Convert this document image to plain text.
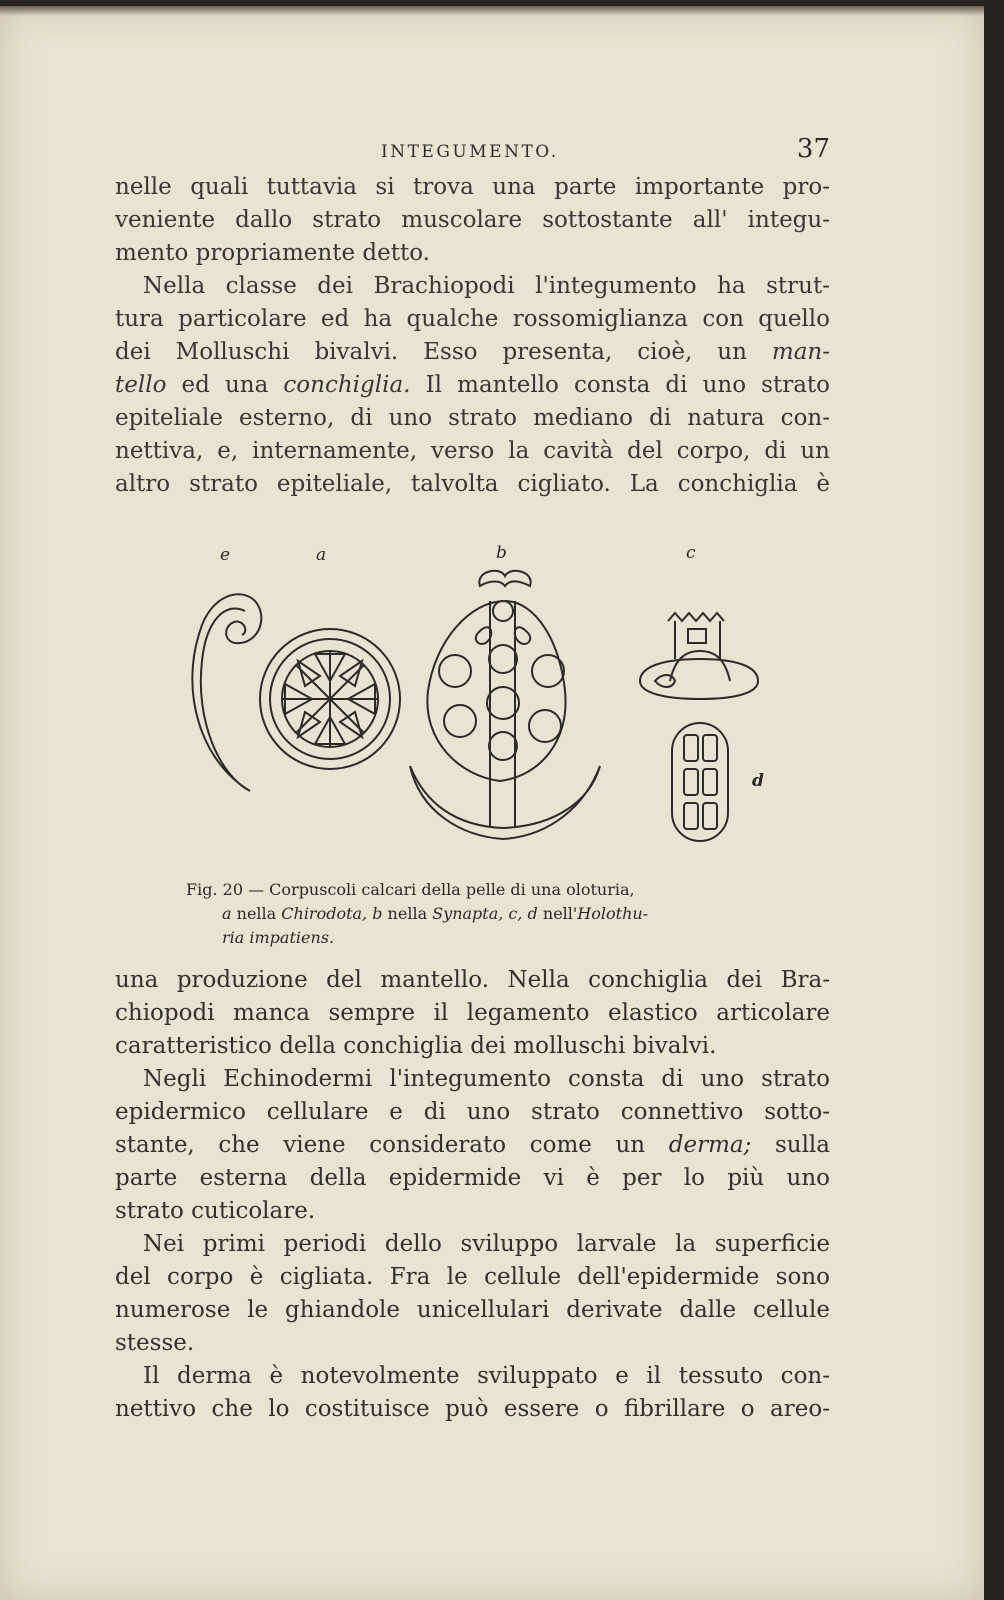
INTEGUMENTO.	37

nelle quali tuttavia si trova una parte importante pro-
veniente dallo strato muscolare sottostante all' integu-
mento propriamente detto.

Nella classe dei Brachiopodi l'integumento ha strut-
tura particolare ed ha qualche rossomiglianza con quello
dei Molluschi bivalvi. Esso presenta, cioè, un man-
tello ed una conchiglia. Il mantello consta di uno strato
epiteliale esterno, di uno strato mediano di natura con-
nettiva, e, internamente, verso la cavità del corpo, di un
altro strato epiteliale, talvolta cigliato. La conchiglia è

e	a	b	c
d
Fig. 20 — Corpuscoli calcari della pelle di una oloturia,
a nella Chirodota, b nella Synapta, c, d nell'Holothu-
ria impatiens.

una produzione del mantello. Nella conchiglia dei Bra-
chiopodi manca sempre il legamento elastico articolare
caratteristico della conchiglia dei molluschi bivalvi.

Negli Echinodermi l'integumento consta di uno strato
epidermico cellulare e di uno strato connettivo sotto-
stante, che viene considerato come un derma; sulla
parte esterna della epidermide vi è per lo più uno
strato cuticolare.

Nei primi periodi dello sviluppo larvale la superficie
del corpo è cigliata. Fra le cellule dell'epidermide sono
numerose le ghiandole unicellulari derivate dalle cellule
stesse.

Il derma è notevolmente sviluppato e il tessuto con-
nettivo che lo costituisce può essere o fibrillare o areo-
